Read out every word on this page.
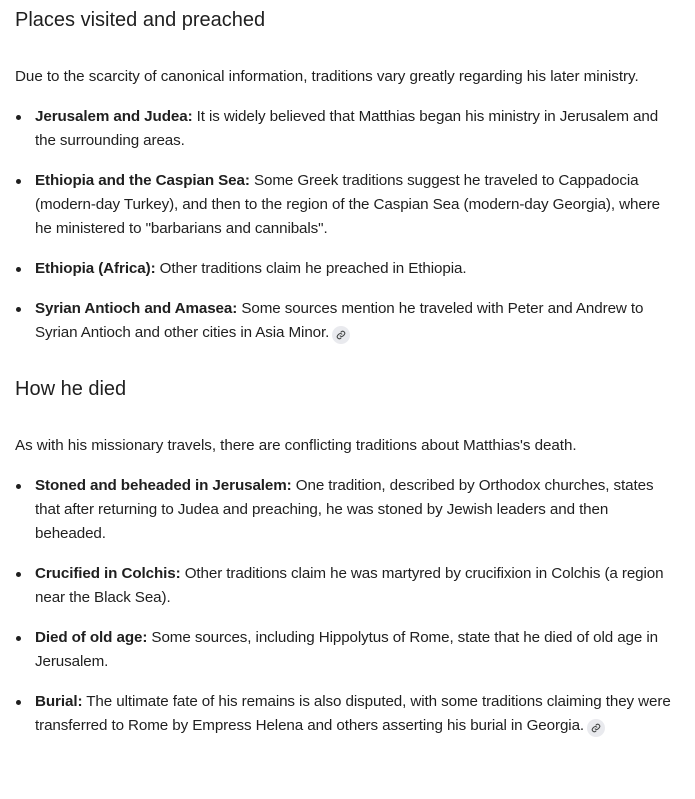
Places visited and preached

Due to the scarcity of canonical information, traditions vary greatly regarding his later ministry.

Jerusalem and Judea: It is widely believed that Matthias began his ministry in Jerusalem and the surrounding areas.
Ethiopia and the Caspian Sea: Some Greek traditions suggest he traveled to Cappadocia (modern-day Turkey), and then to the region of the Caspian Sea (modern-day Georgia), where he ministered to "barbarians and cannibals".
Ethiopia (Africa): Other traditions claim he preached in Ethiopia.
Syrian Antioch and Amasea: Some sources mention he traveled with Peter and Andrew to Syrian Antioch and other cities in Asia Minor.
How he died

As with his missionary travels, there are conflicting traditions about Matthias's death.

Stoned and beheaded in Jerusalem: One tradition, described by Orthodox churches, states that after returning to Judea and preaching, he was stoned by Jewish leaders and then beheaded.
Crucified in Colchis: Other traditions claim he was martyred by crucifixion in Colchis (a region near the Black Sea).
Died of old age: Some sources, including Hippolytus of Rome, state that he died of old age in Jerusalem.
Burial: The ultimate fate of his remains is also disputed, with some traditions claiming they were transferred to Rome by Empress Helena and others asserting his burial in Georgia.
